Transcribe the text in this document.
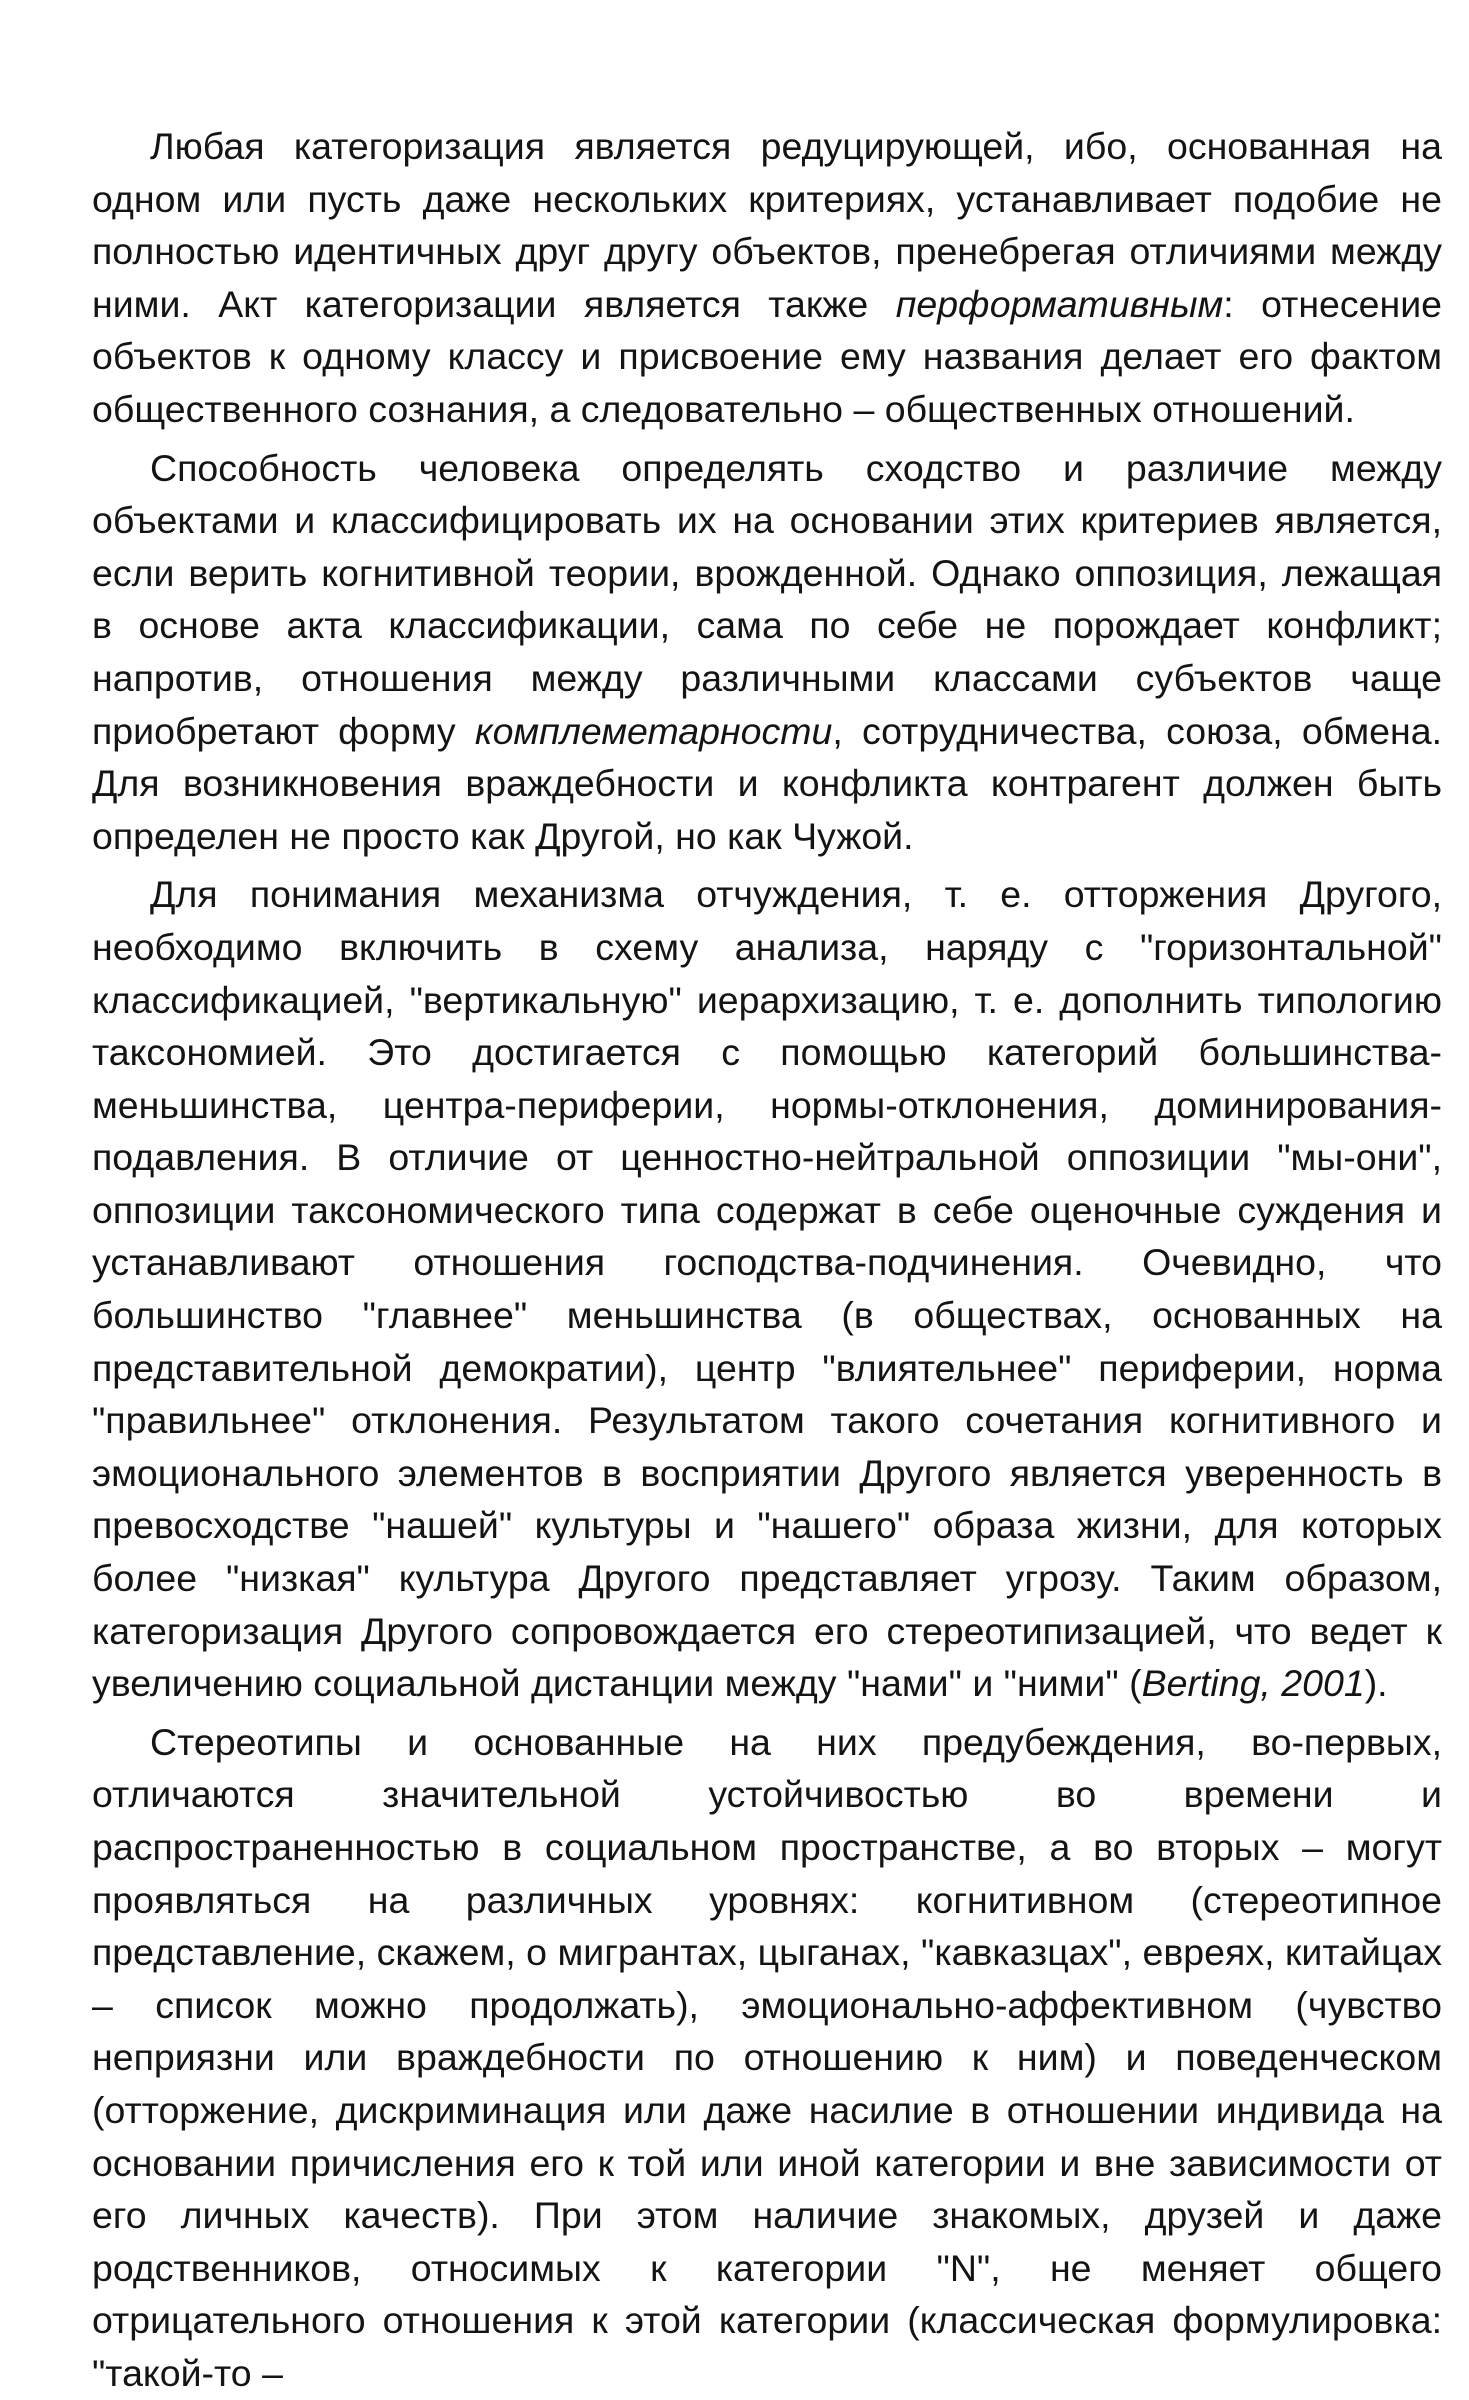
Любая категоризация является редуцирующей, ибо, основанная на одном или пусть даже нескольких критериях, устанавливает подобие не полностью идентичных друг другу объектов, пренебрегая отличиями между ними. Акт категоризации является также перформативным: отнесение объектов к одному классу и присвоение ему названия делает его фактом общественного сознания, а следовательно – общественных отношений.

Способность человека определять сходство и различие между объектами и классифицировать их на основании этих критериев является, если верить когнитивной теории, врожденной. Однако оппозиция, лежащая в основе акта классификации, сама по себе не порождает конфликт; напротив, отношения между различными классами субъектов чаще приобретают форму комплеметарности, сотрудничества, союза, обмена. Для возникновения враждебности и конфликта контрагент должен быть определен не просто как Другой, но как Чужой.

Для понимания механизма отчуждения, т. е. отторжения Другого, необходимо включить в схему анализа, наряду с "горизонтальной" классификацией, "вертикальную" иерархизацию, т. е. дополнить типологию таксономией. Это достигается с помощью категорий большинства-меньшинства, центра-периферии, нормы-отклонения, доминирования-подавления. В отличие от ценностно-нейтральной оппозиции "мы-они", оппозиции таксономического типа содержат в себе оценочные суждения и устанавливают отношения господства-подчинения. Очевидно, что большинство "главнее" меньшинства (в обществах, основанных на представительной демократии), центр "влиятельнее" периферии, норма "правильнее" отклонения. Результатом такого сочетания когнитивного и эмоционального элементов в восприятии Другого является уверенность в превосходстве "нашей" культуры и "нашего" образа жизни, для которых более "низкая" культура Другого представляет угрозу. Таким образом, категоризация Другого сопровождается его стереотипизацией, что ведет к увеличению социальной дистанции между "нами" и "ними" (Berting, 2001).

Стереотипы и основанные на них предубеждения, во-первых, отличаются значительной устойчивостью во времени и распространенностью в социальном пространстве, а во вторых – могут проявляться на различных уровнях: когнитивном (стереотипное представление, скажем, о мигрантах, цыганах, "кавказцах", евреях, китайцах – список можно продолжать), эмоционально-аффективном (чувство неприязни или враждебности по отношению к ним) и поведенческом (отторжение, дискриминация или даже насилие в отношении индивида на основании причисления его к той или иной категории и вне зависимости от его личных качеств). При этом наличие знакомых, друзей и даже родственников, относимых к категории "N", не меняет общего отрицательного отношения к этой категории (классическая формулировка: "такой-то –
